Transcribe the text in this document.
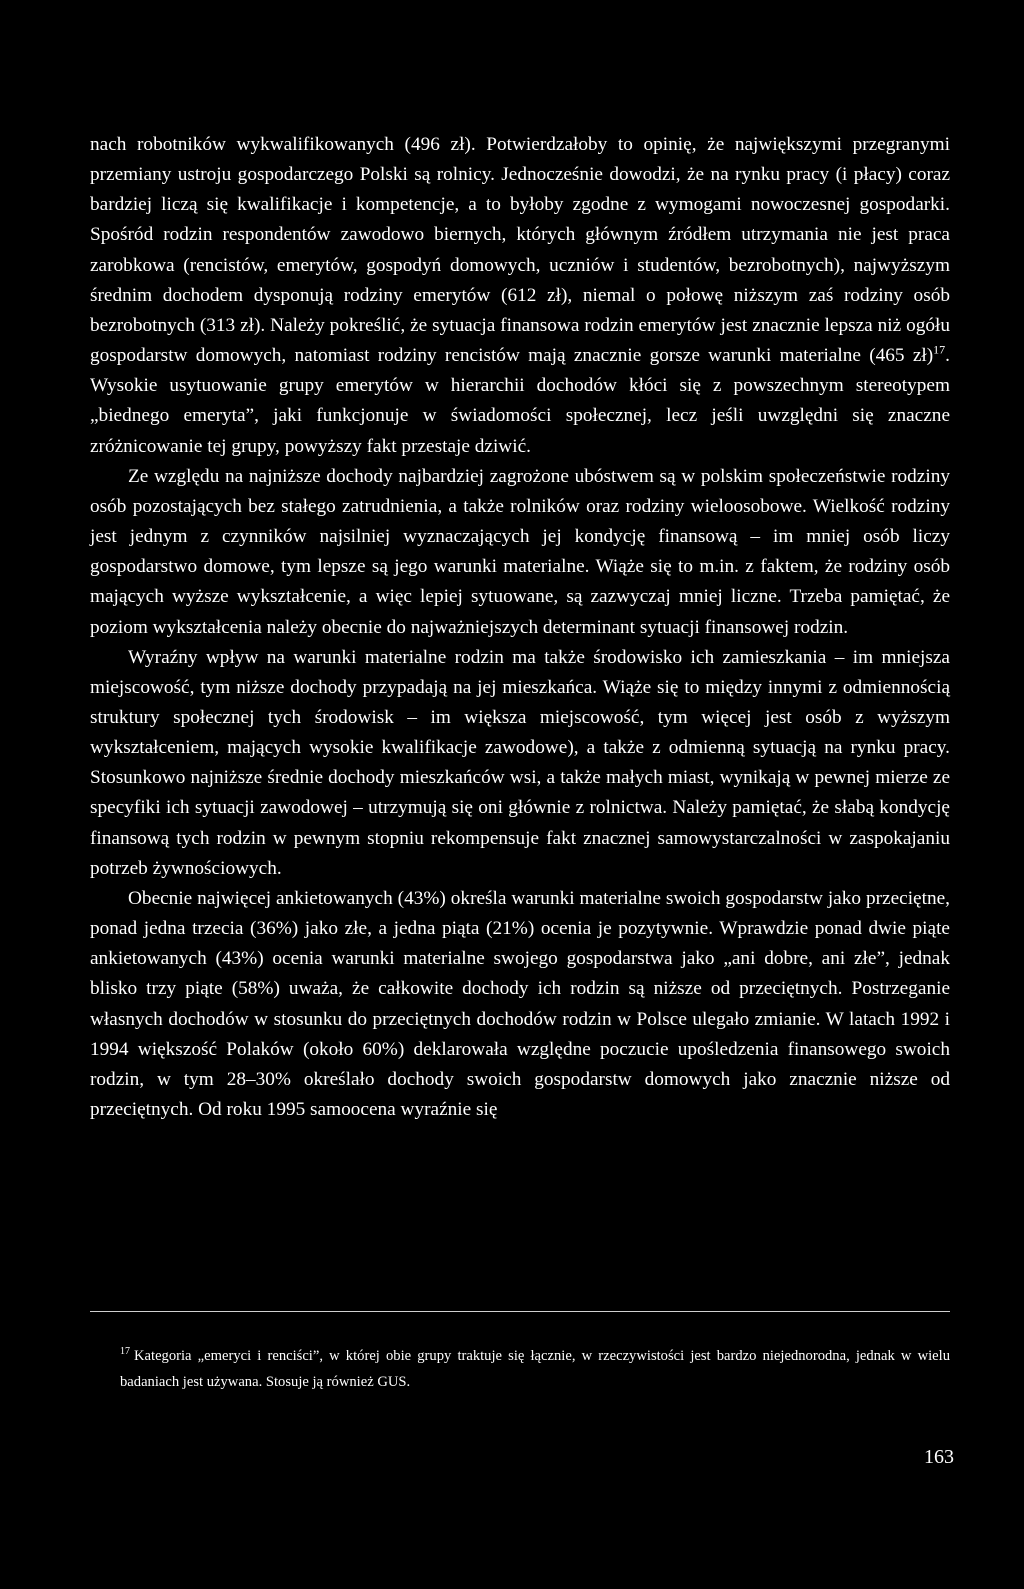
nach robotników wykwalifikowanych (496 zł). Potwierdzałoby to opinię, że największymi przegranymi przemiany ustroju gospodarczego Polski są rolnicy. Jednocześnie dowodzi, że na rynku pracy (i płacy) coraz bardziej liczą się kwalifikacje i kompetencje, a to byłoby zgodne z wymogami nowoczesnej gospodarki. Spośród rodzin respondentów zawodowo biernych, których głównym źródłem utrzymania nie jest praca zarobkowa (rencistów, emerytów, gospodyń domowych, uczniów i studentów, bezrobotnych), najwyższym średnim dochodem dysponują rodziny emerytów (612 zł), niemal o połowę niższym zaś rodziny osób bezrobotnych (313 zł). Należy pokreślić, że sytuacja finansowa rodzin emerytów jest znacznie lepsza niż ogółu gospodarstw domowych, natomiast rodziny rencistów mają znacznie gorsze warunki materialne (465 zł)$^{17}$. Wysokie usytuowanie grupy emerytów w hierarchii dochodów kłóci się z powszechnym stereotypem „biednego emeryta”, jaki funkcjonuje w świadomości społecznej, lecz jeśli uwzględni się znaczne zróżnicowanie tej grupy, powyższy fakt przestaje dziwić.

Ze względu na najniższe dochody najbardziej zagrożone ubóstwem są w polskim społeczeństwie rodziny osób pozostających bez stałego zatrudnienia, a także rolników oraz rodziny wieloosobowe. Wielkość rodziny jest jednym z czynników najsilniej wyznaczających jej kondycję finansową – im mniej osób liczy gospodarstwo domowe, tym lepsze są jego warunki materialne. Wiąże się to m.in. z faktem, że rodziny osób mających wyższe wykształcenie, a więc lepiej sytuowane, są zazwyczaj mniej liczne. Trzeba pamiętać, że poziom wykształcenia należy obecnie do najważniejszych determinant sytuacji finansowej rodzin.

Wyraźny wpływ na warunki materialne rodzin ma także środowisko ich zamieszkania – im mniejsza miejscowość, tym niższe dochody przypadają na jej mieszkańca. Wiąże się to między innymi z odmiennością struktury społecznej tych środowisk – im większa miejscowość, tym więcej jest osób z wyższym wykształceniem, mających wysokie kwalifikacje zawodowe), a także z odmienną sytuacją na rynku pracy. Stosunkowo najniższe średnie dochody mieszkańców wsi, a także małych miast, wynikają w pewnej mierze ze specyfiki ich sytuacji zawodowej – utrzymują się oni głównie z rolnictwa. Należy pamiętać, że słabą kondycję finansową tych rodzin w pewnym stopniu rekompensuje fakt znacznej samowystarczalności w zaspokajaniu potrzeb żywnościowych.

Obecnie najwięcej ankietowanych (43%) określa warunki materialne swoich gospodarstw jako przeciętne, ponad jedna trzecia (36%) jako złe, a jedna piąta (21%) ocenia je pozytywnie. Wprawdzie ponad dwie piąte ankietowanych (43%) ocenia warunki materialne swojego gospodarstwa jako „ani dobre, ani złe”, jednak blisko trzy piąte (58%) uważa, że całkowite dochody ich rodzin są niższe od przeciętnych. Postrzeganie własnych dochodów w stosunku do przeciętnych dochodów rodzin w Polsce ulegało zmianie. W latach 1992 i 1994 większość Polaków (około 60%) deklarowała względne poczucie upośledzenia finansowego swoich rodzin, w tym 28–30% określało dochody swoich gospodarstw domowych jako znacznie niższe od przeciętnych. Od roku 1995 samoocena wyraźnie się

$^{17}$ Kategoria „emeryci i renciści”, w której obie grupy traktuje się łącznie, w rzeczywistości jest bardzo niejednorodna, jednak w wielu badaniach jest używana. Stosuje ją również GUS.
163
